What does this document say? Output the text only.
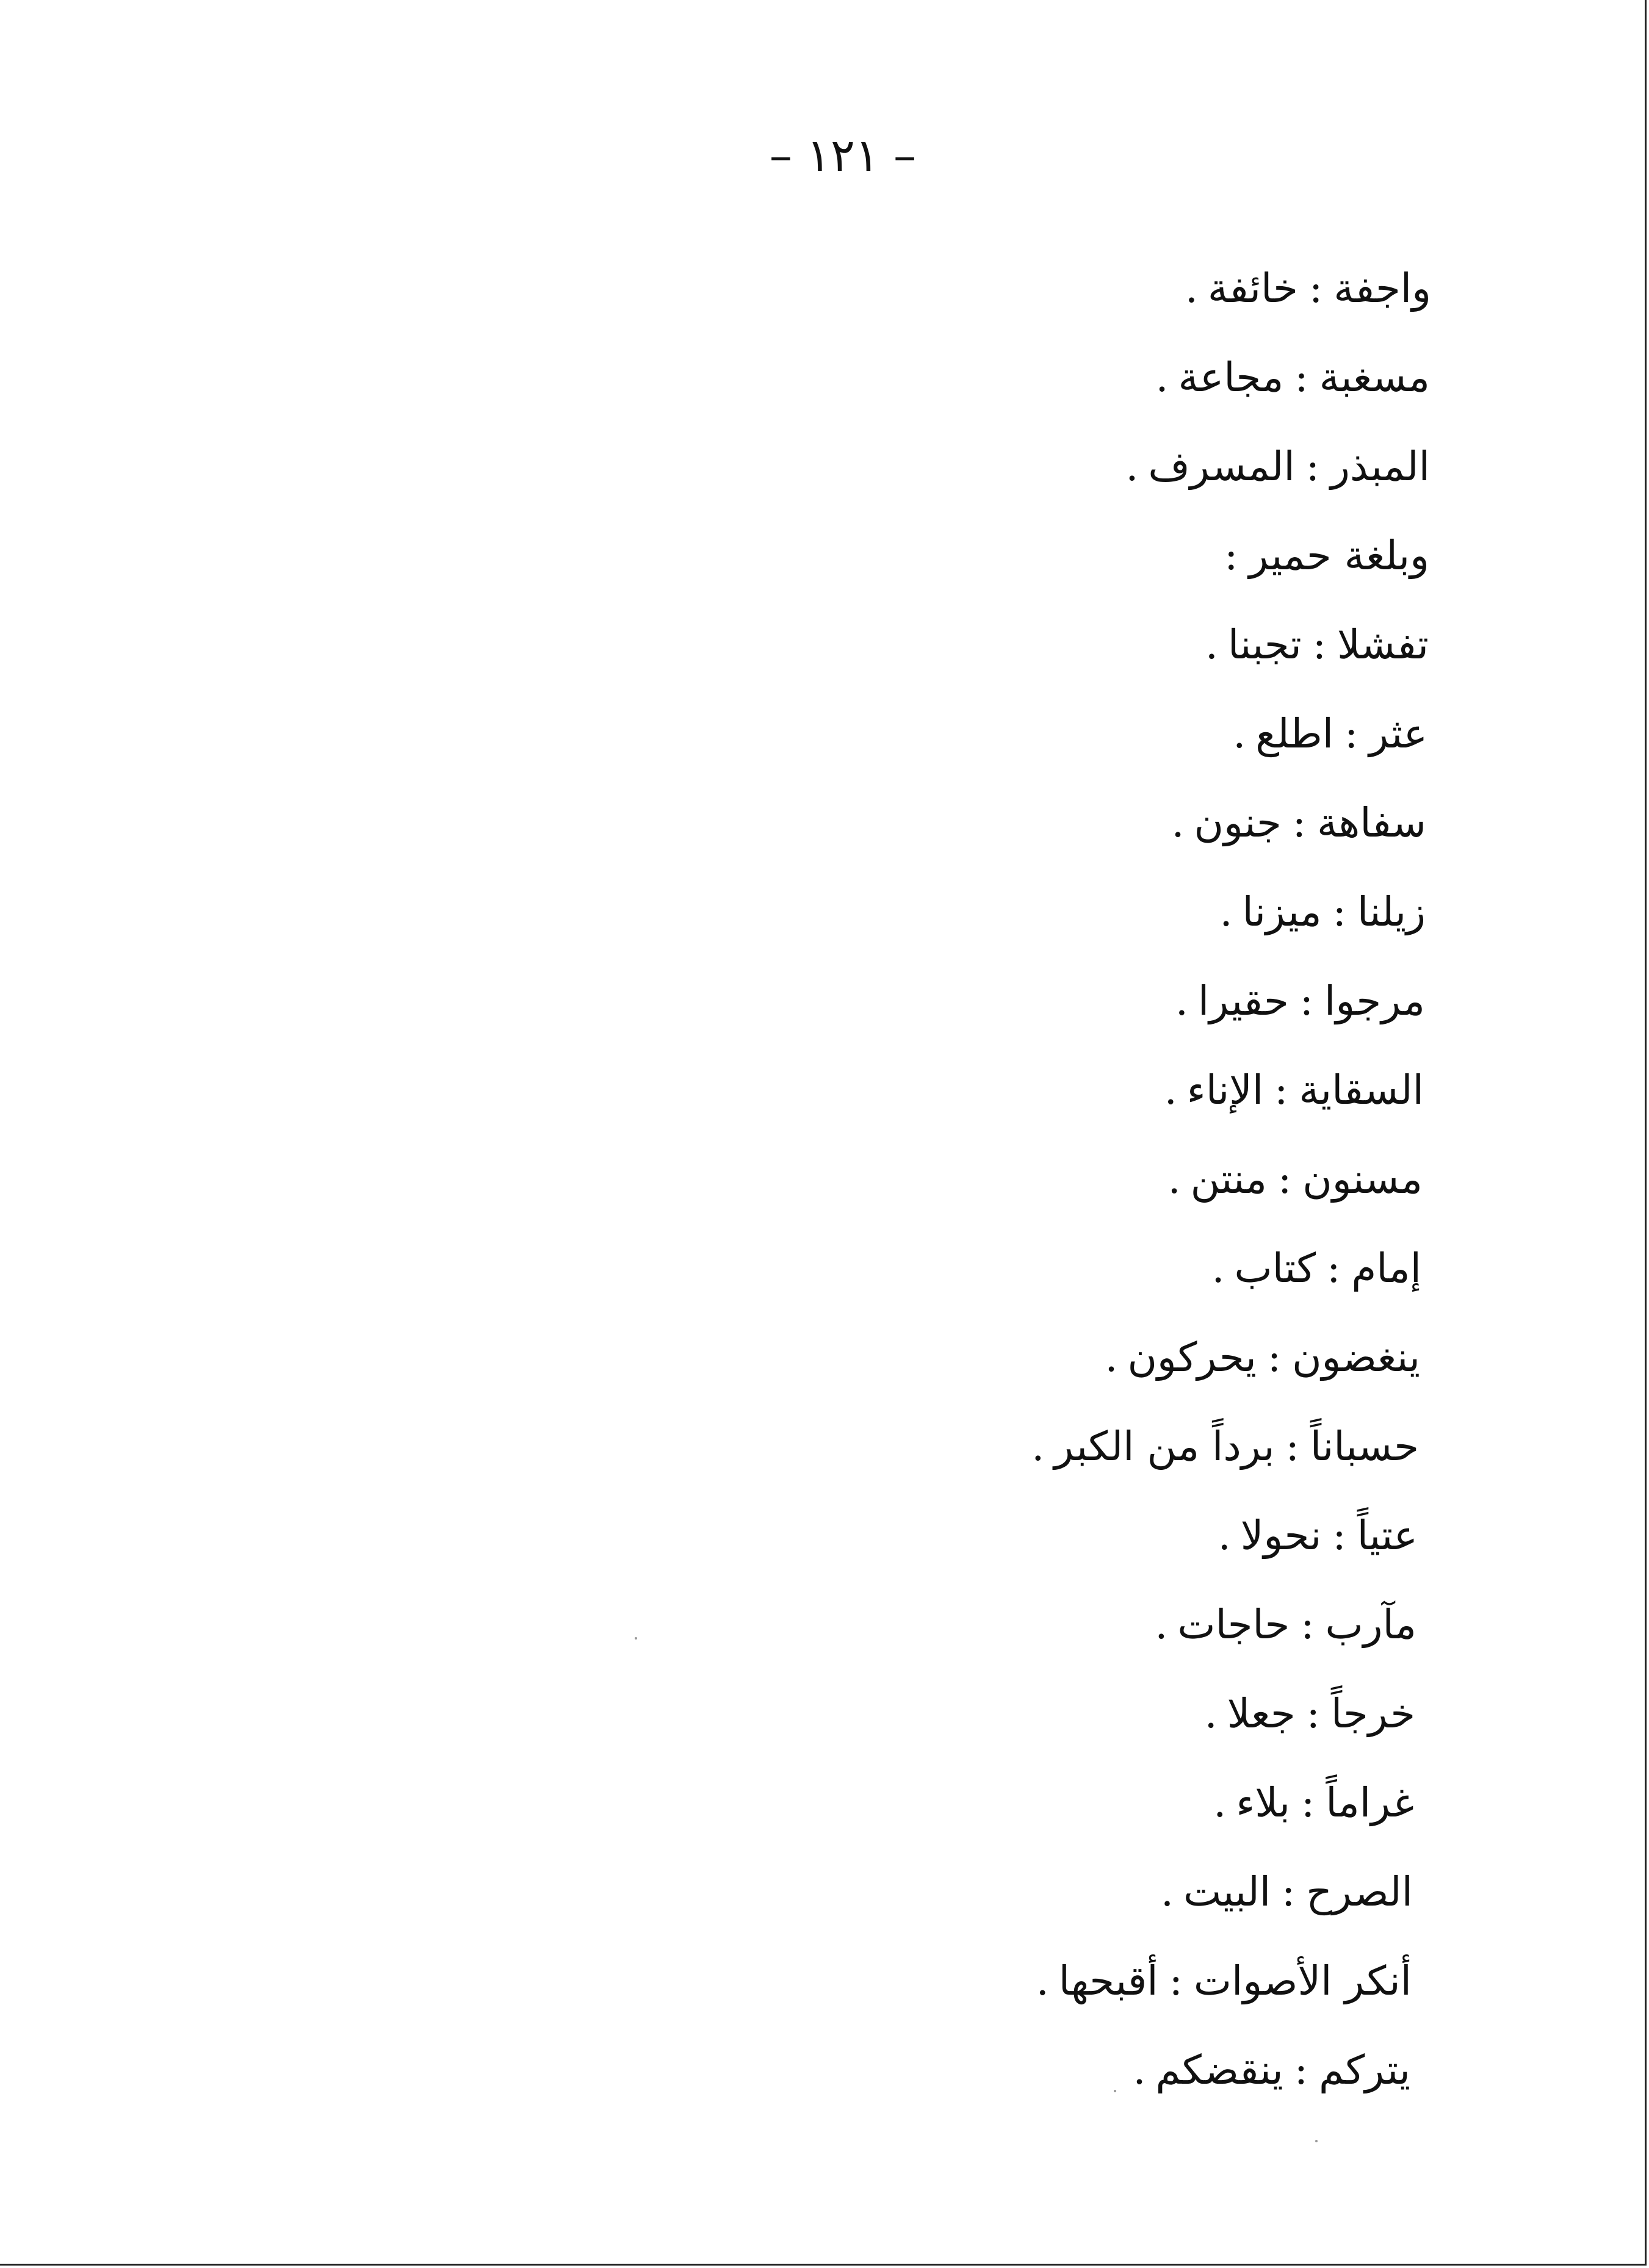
– ١٢١ –
واجفة:خائفة.
مسغبة:مجاعة.
المبذر:المسرف.
وبلغة حمير:
تفشلا:تجبنا.
عثر:اطلع.
سفاهة:جنون.
زيلنا:ميزنا.
مرجوا:حقيرا.
السقاية:الإناء.
مسنون:منتن.
إمام:كتاب.
ينغضون:يحركون.
حسباناً:برداً من الكبر.
عتياً:نحولا.
مآرب:حاجات.
خرجاً:جعلا.
غراماً:بلاء.
الصرح:البيت.
أنكر الأصوات:أقبحها.
يتركم:ينقضكم.
